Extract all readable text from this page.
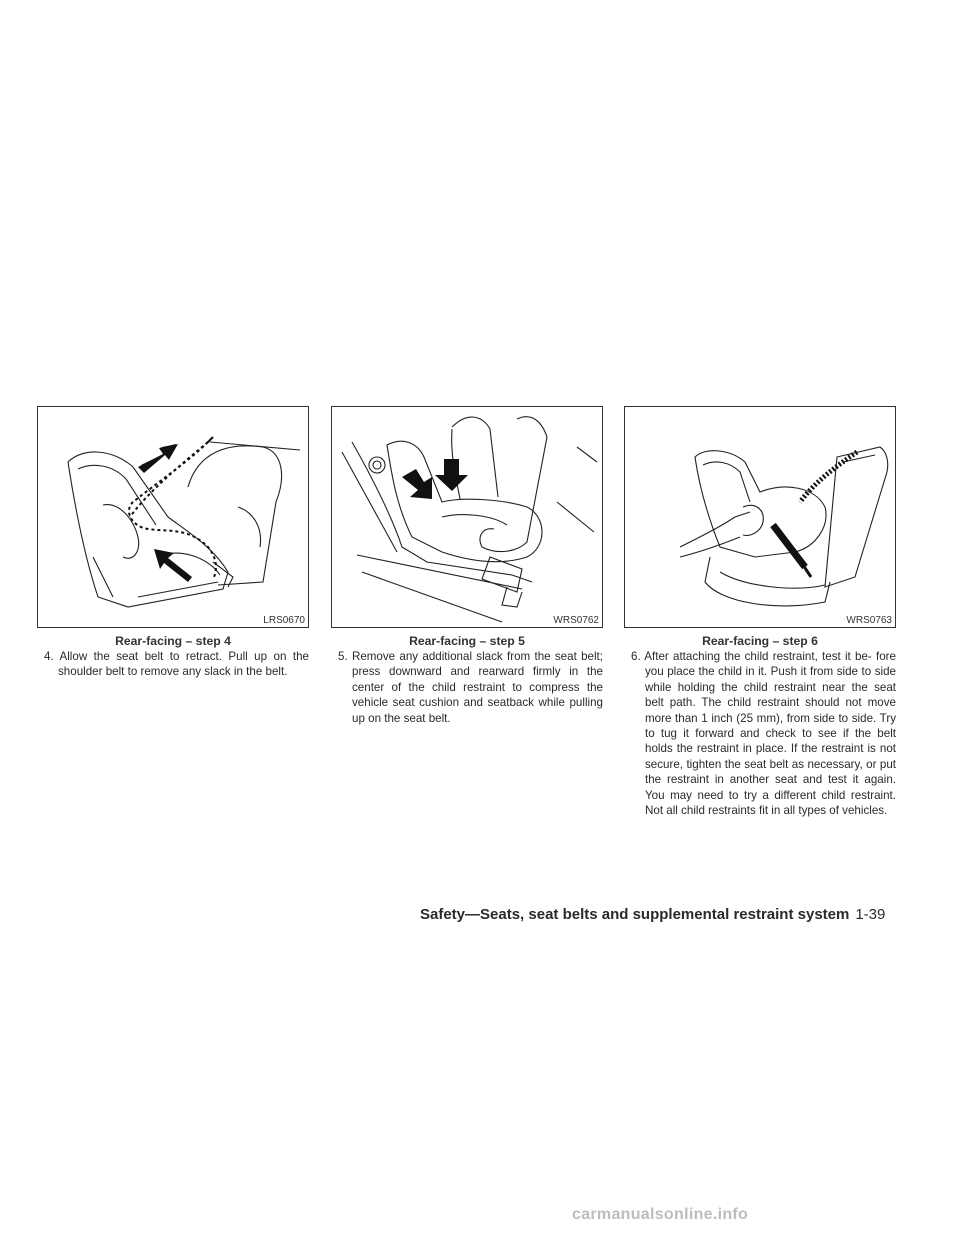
LRS0670
Rear-facing – step 4

4. Allow the seat belt to retract. Pull up on the shoulder belt to remove any slack in the belt.

WRS0762
Rear-facing – step 5

5. Remove any additional slack from the seat belt; press downward and rearward firmly in the center of the child restraint to compress the vehicle seat cushion and seatback while pulling up on the seat belt.

WRS0763
Rear-facing – step 6

6. After attaching the child restraint, test it be- fore you place the child in it. Push it from side to side while holding the child restraint near the seat belt path. The child restraint should not move more than 1 inch (25 mm), from side to side. Try to tug it forward and check to see if the belt holds the restraint in place. If the restraint is not secure, tighten the seat belt as necessary, or put the restraint in another seat and test it again. You may need to try a different child restraint. Not all child restraints fit in all types of vehicles.

Safety—Seats, seat belts and supplemental restraint system 1-39
carmanualsonline.info
